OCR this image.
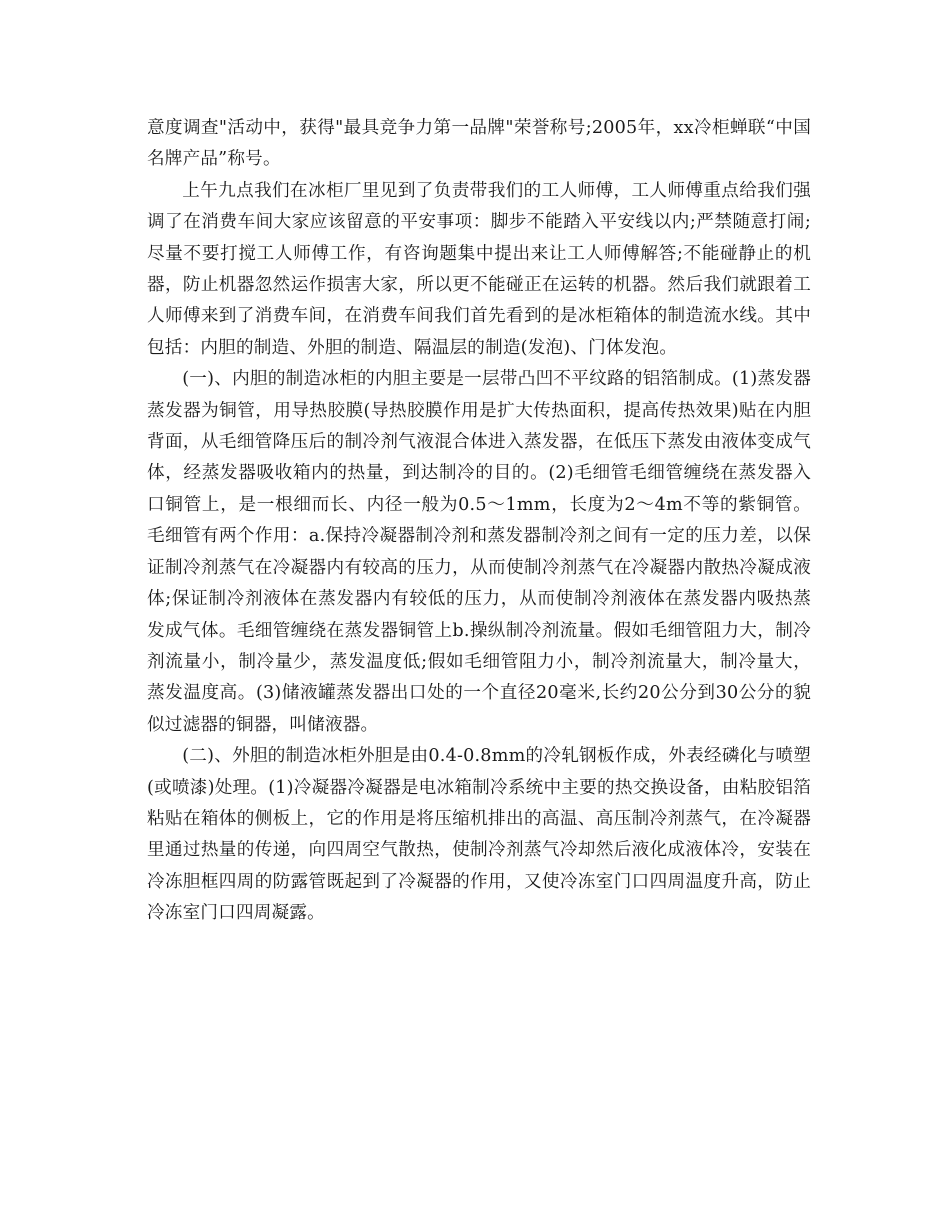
意度调查"活动中，获得"最具竞争力第一品牌"荣誉称号;2005年，xx冷柜蝉联“中国名牌产品”称号。

上午九点我们在冰柜厂里见到了负责带我们的工人师傅，工人师傅重点给我们强调了在消费车间大家应该留意的平安事项：脚步不能踏入平安线以内;严禁随意打闹;尽量不要打搅工人师傅工作，有咨询题集中提出来让工人师傅解答;不能碰静止的机器，防止机器忽然运作损害大家，所以更不能碰正在运转的机器。然后我们就跟着工人师傅来到了消费车间，在消费车间我们首先看到的是冰柜箱体的制造流水线。其中包括：内胆的制造、外胆的制造、隔温层的制造(发泡)、门体发泡。

(一)、内胆的制造冰柜的内胆主要是一层带凸凹不平纹路的铝箔制成。(1)蒸发器蒸发器为铜管，用导热胶膜(导热胶膜作用是扩大传热面积，提高传热效果)贴在内胆背面，从毛细管降压后的制冷剂气液混合体进入蒸发器，在低压下蒸发由液体变成气体，经蒸发器吸收箱内的热量，到达制冷的目的。(2)毛细管毛细管缠绕在蒸发器入口铜管上，是一根细而长、内径一般为0.5～1mm，长度为2～4m不等的紫铜管。毛细管有两个作用：a.保持冷凝器制冷剂和蒸发器制冷剂之间有一定的压力差，以保证制冷剂蒸气在冷凝器内有较高的压力，从而使制冷剂蒸气在冷凝器内散热冷凝成液体;保证制冷剂液体在蒸发器内有较低的压力，从而使制冷剂液体在蒸发器内吸热蒸发成气体。毛细管缠绕在蒸发器铜管上b.操纵制冷剂流量。假如毛细管阻力大，制冷剂流量小，制冷量少，蒸发温度低;假如毛细管阻力小，制冷剂流量大，制冷量大，蒸发温度高。(3)储液罐蒸发器出口处的一个直径20毫米,长约20公分到30公分的貌似过滤器的铜器，叫储液器。

(二)、外胆的制造冰柜外胆是由0.4-0.8mm的冷轧钢板作成，外表经磷化与喷塑(或喷漆)处理。(1)冷凝器冷凝器是电冰箱制冷系统中主要的热交换设备，由粘胶铝箔粘贴在箱体的侧板上，它的作用是将压缩机排出的高温、高压制冷剂蒸气，在冷凝器里通过热量的传递，向四周空气散热，使制冷剂蒸气冷却然后液化成液体冷，安装在冷冻胆框四周的防露管既起到了冷凝器的作用，又使冷冻室门口四周温度升高，防止冷冻室门口四周凝露。
